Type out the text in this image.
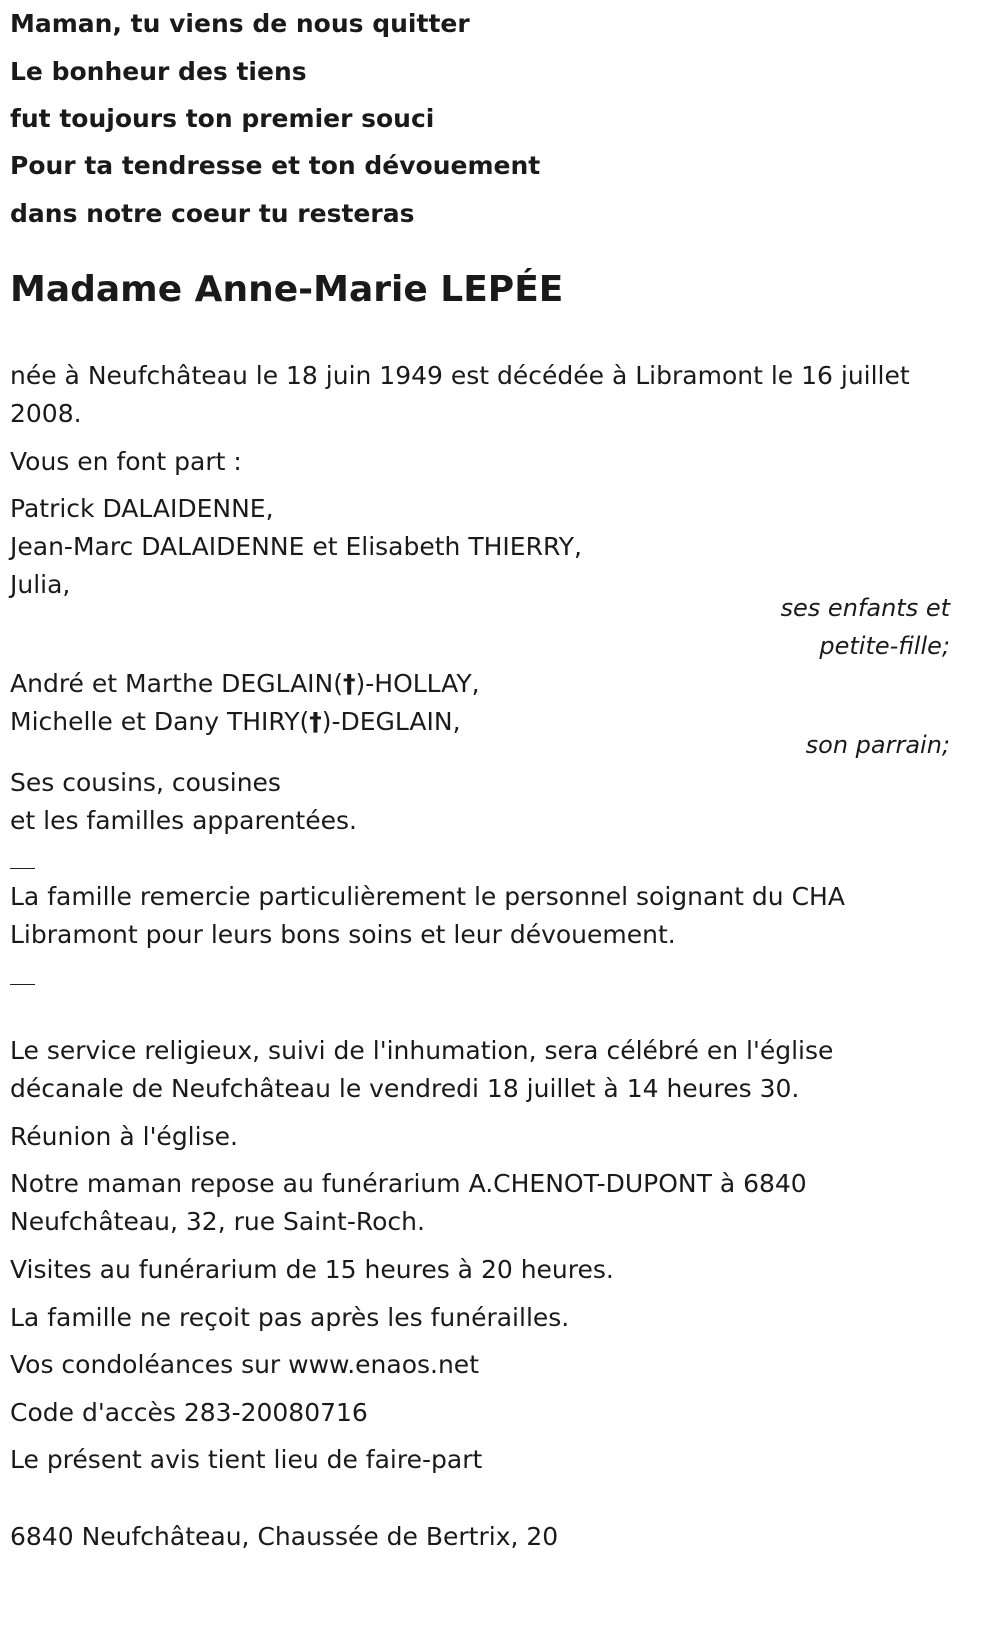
Maman, tu viens de nous quitter
Le bonheur des tiens
fut toujours ton premier souci
Pour ta tendresse et ton dévouement
dans notre coeur tu resteras
Madame Anne-Marie LEPÉE
née à Neufchâteau le 18 juin 1949 est décédée à Libramont le 16 juillet
2008.
Vous en font part :
Patrick DALAIDENNE,
Jean-Marc DALAIDENNE et Elisabeth THIERRY,
Julia,
ses enfants et
petite-fille;
André et Marthe DEGLAIN(†)-HOLLAY,
Michelle et Dany THIRY(†)-DEGLAIN,
son parrain;
Ses cousins, cousines
et les familles apparentées.
La famille remercie particulièrement le personnel soignant du CHA
Libramont pour leurs bons soins et leur dévouement.
Le service religieux, suivi de l'inhumation, sera célébré en l'église
décanale de Neufchâteau le vendredi 18 juillet à 14 heures 30.
Réunion à l'église.
Notre maman repose au funérarium A.CHENOT-DUPONT à 6840
Neufchâteau, 32, rue Saint-Roch.
Visites au funérarium de 15 heures à 20 heures.
La famille ne reçoit pas après les funérailles.
Vos condoléances sur www.enaos.net
Code d'accès 283-20080716
Le présent avis tient lieu de faire-part
6840 Neufchâteau, Chaussée de Bertrix, 20
